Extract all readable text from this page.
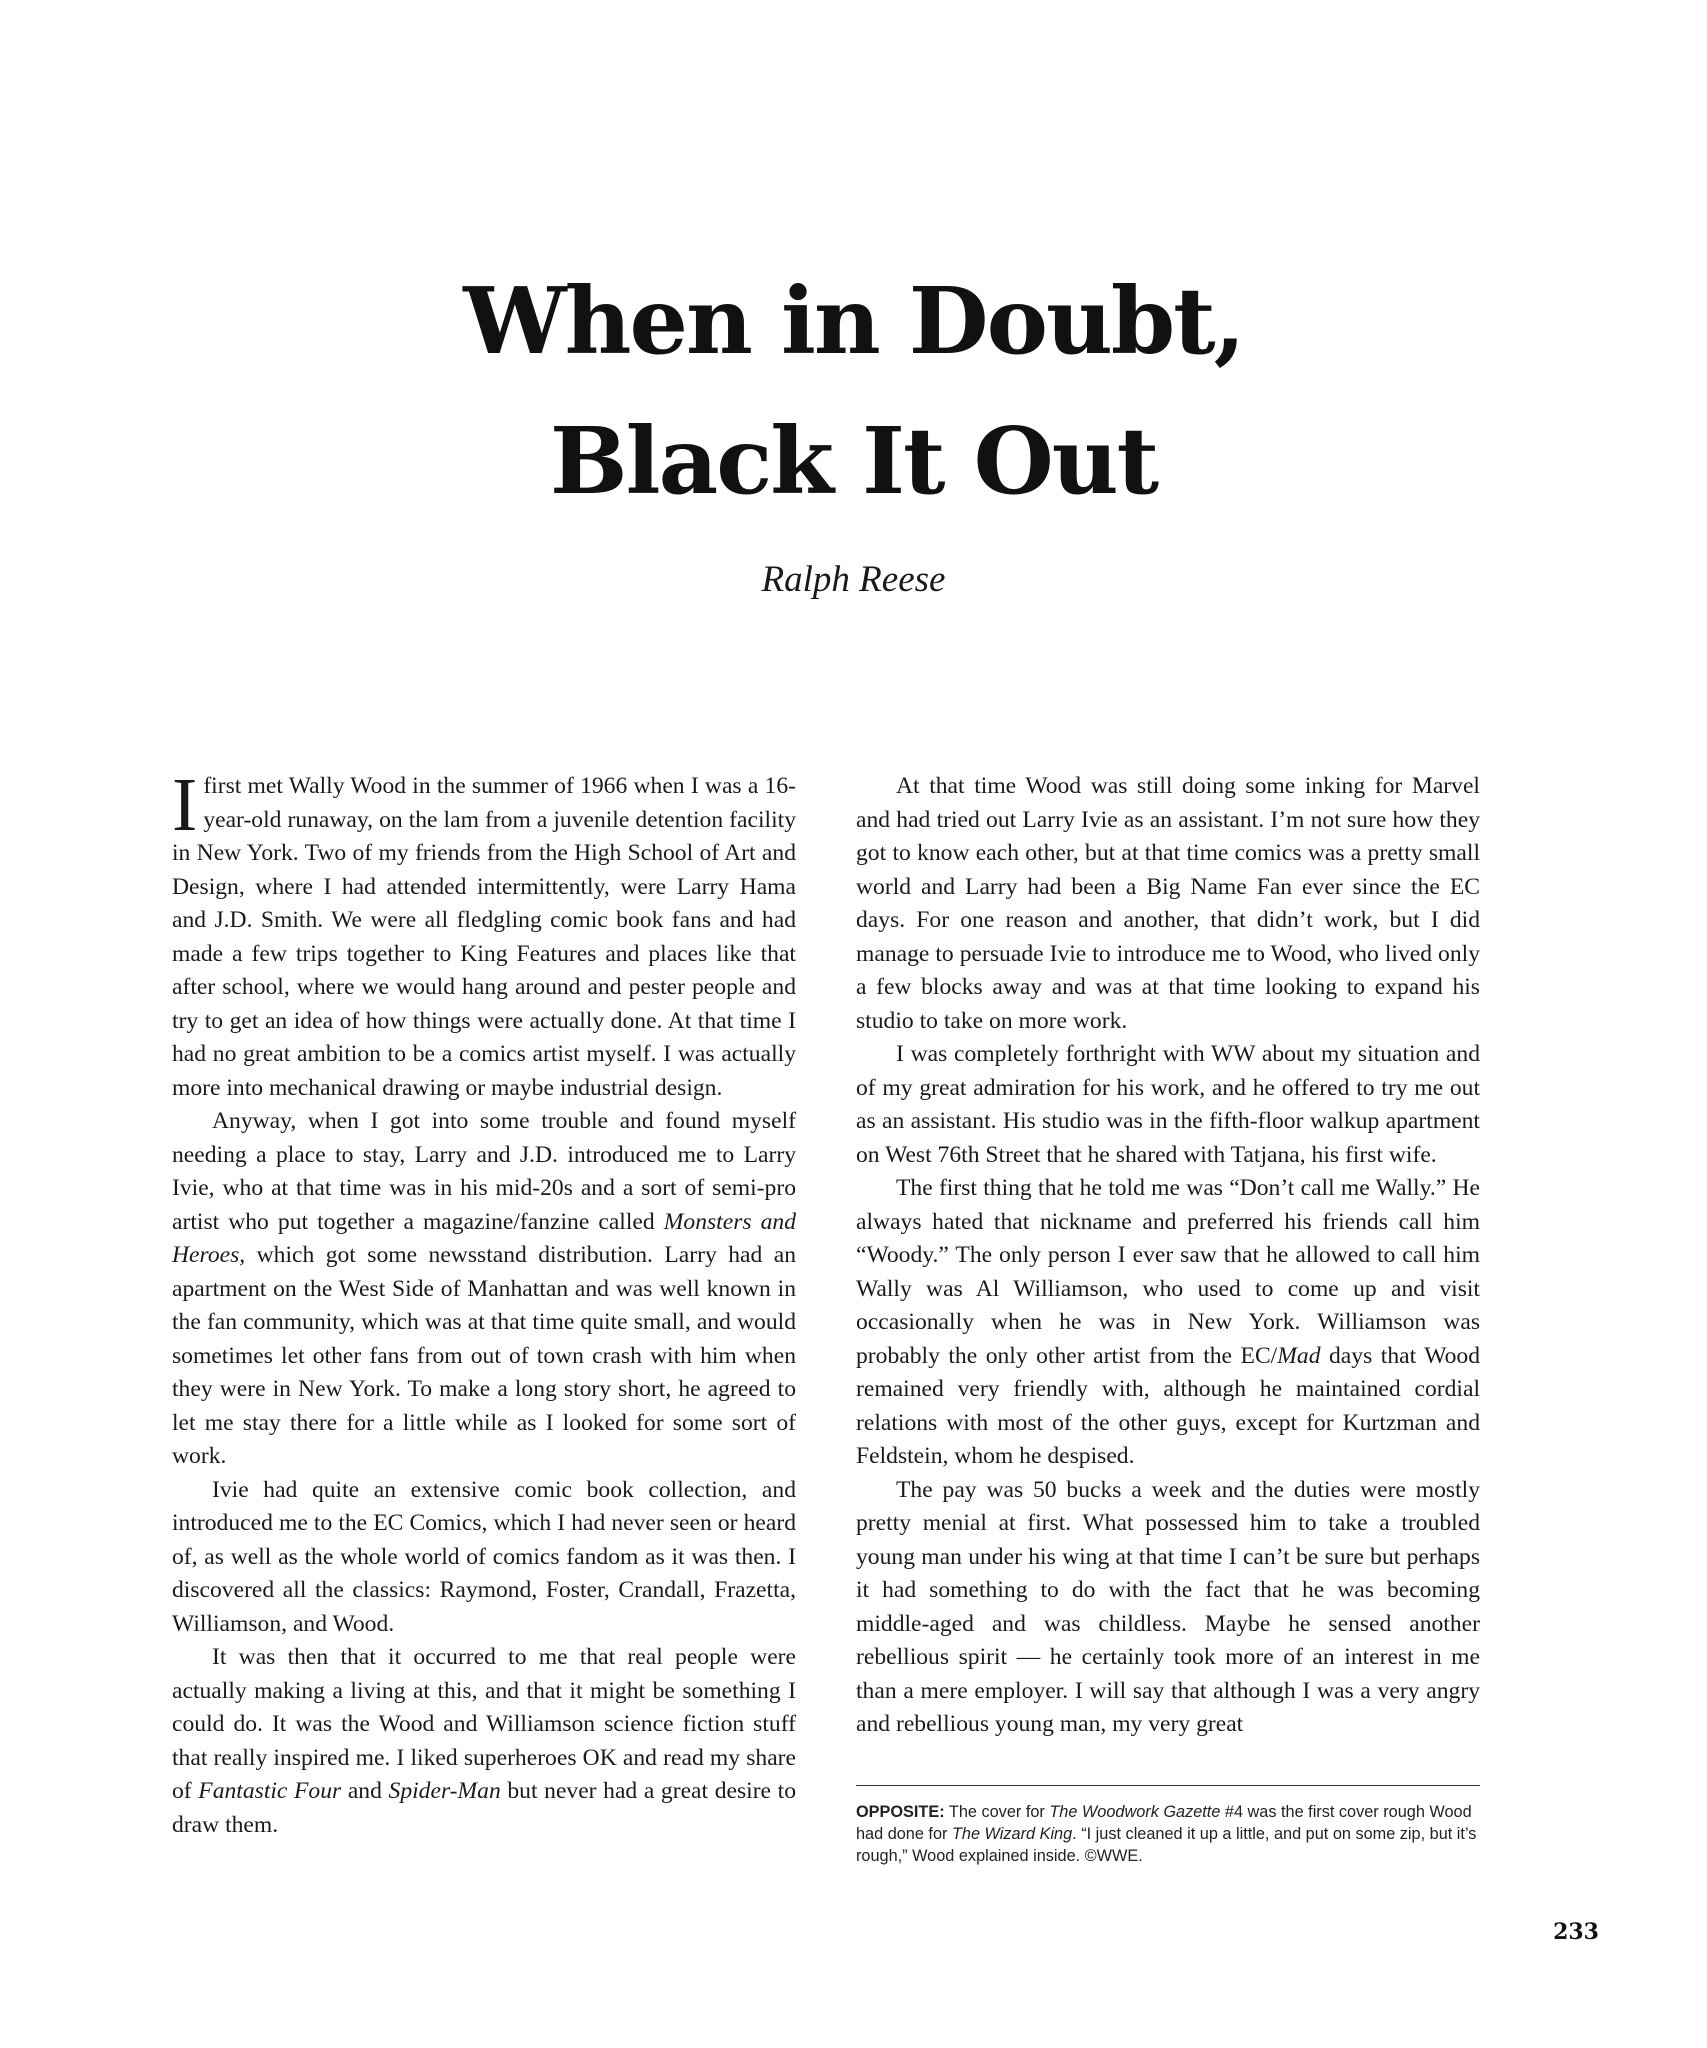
When in Doubt,
Black It Out

Ralph Reese

I first met Wally Wood in the summer of 1966 when I was a 16-year-old runaway, on the lam from a juvenile detention facility in New York. Two of my friends from the High School of Art and Design, where I had attended intermittently, were Larry Hama and J.D. Smith. We were all fledgling comic book fans and had made a few trips together to King Features and places like that after school, where we would hang around and pester people and try to get an idea of how things were actually done. At that time I had no great ambition to be a comics artist myself. I was actually more into mechanical drawing or maybe industrial design.

Anyway, when I got into some trouble and found myself needing a place to stay, Larry and J.D. introduced me to Larry Ivie, who at that time was in his mid-20s and a sort of semi-pro artist who put together a magazine/fanzine called Monsters and Heroes, which got some newsstand distribution. Larry had an apartment on the West Side of Manhattan and was well known in the fan community, which was at that time quite small, and would sometimes let other fans from out of town crash with him when they were in New York. To make a long story short, he agreed to let me stay there for a little while as I looked for some sort of work.

Ivie had quite an extensive comic book collection, and introduced me to the EC Comics, which I had never seen or heard of, as well as the whole world of comics fandom as it was then. I discovered all the classics: Raymond, Foster, Crandall, Frazetta, Williamson, and Wood.

It was then that it occurred to me that real people were actually making a living at this, and that it might be something I could do. It was the Wood and Williamson science fiction stuff that really inspired me. I liked superheroes OK and read my share of Fantastic Four and Spider-Man but never had a great desire to draw them.

At that time Wood was still doing some inking for Marvel and had tried out Larry Ivie as an assistant. I’m not sure how they got to know each other, but at that time comics was a pretty small world and Larry had been a Big Name Fan ever since the EC days. For one reason and another, that didn’t work, but I did manage to persuade Ivie to introduce me to Wood, who lived only a few blocks away and was at that time looking to expand his studio to take on more work.

I was completely forthright with WW about my situation and of my great admiration for his work, and he offered to try me out as an assistant. His studio was in the fifth-floor walkup apartment on West 76th Street that he shared with Tatjana, his first wife.

The first thing that he told me was “Don’t call me Wally.” He always hated that nickname and preferred his friends call him “Woody.” The only person I ever saw that he allowed to call him Wally was Al Williamson, who used to come up and visit occasionally when he was in New York. Williamson was probably the only other artist from the EC/Mad days that Wood remained very friendly with, although he maintained cordial relations with most of the other guys, except for Kurtzman and Feldstein, whom he despised.

The pay was 50 bucks a week and the duties were mostly pretty menial at first. What possessed him to take a troubled young man under his wing at that time I can’t be sure but perhaps it had something to do with the fact that he was becoming middle-aged and was childless. Maybe he sensed another rebellious spirit — he certainly took more of an interest in me than a mere employer. I will say that although I was a very angry and rebellious young man, my very great

OPPOSITE: The cover for The Woodwork Gazette #4 was the first cover rough Wood had done for The Wizard King. “I just cleaned it up a little, and put on some zip, but it’s rough,” Wood explained inside. ©WWE.

233
